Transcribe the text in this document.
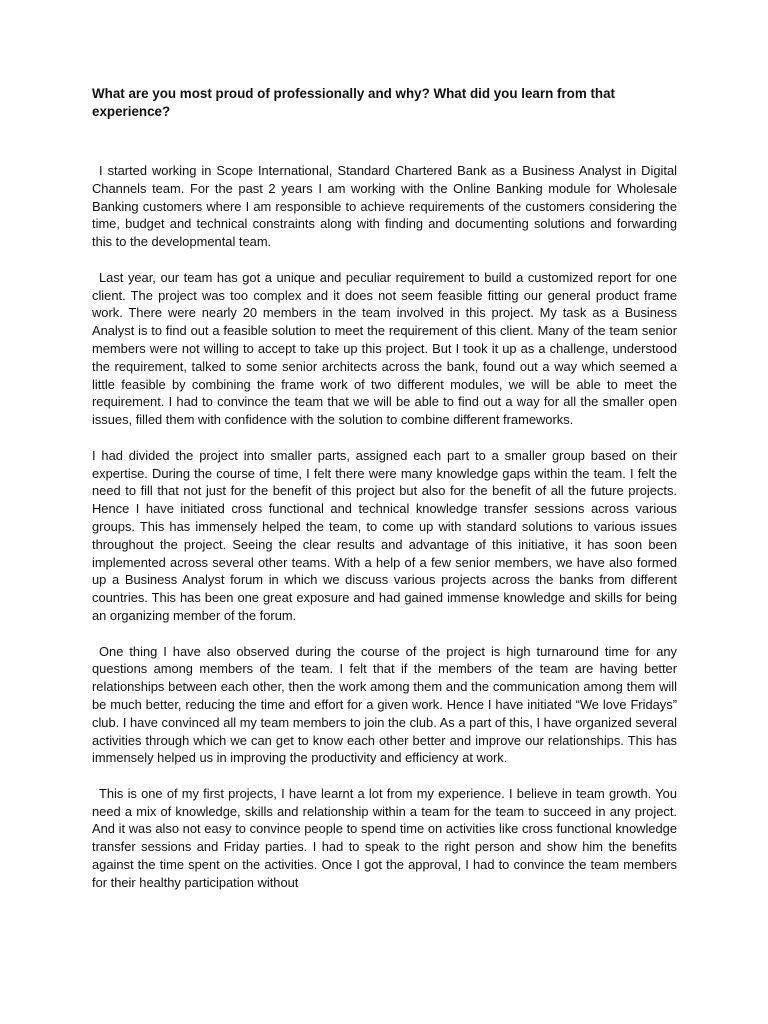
What are you most proud of professionally and why? What did you learn from that experience?

I started working in Scope International, Standard Chartered Bank as a Business Analyst in Digital Channels team. For the past 2 years I am working with the Online Banking module for Wholesale Banking customers where I am responsible to achieve requirements of the customers considering the time, budget and technical constraints along with finding and documenting solutions and forwarding this to the developmental team.

Last year, our team has got a unique and peculiar requirement to build a customized report for one client. The project was too complex and it does not seem feasible fitting our general product frame work. There were nearly 20 members in the team involved in this project. My task as a Business Analyst is to find out a feasible solution to meet the requirement of this client. Many of the team senior members were not willing to accept to take up this project. But I took it up as a challenge, understood the requirement, talked to some senior architects across the bank, found out a way which seemed a little feasible by combining the frame work of two different modules, we will be able to meet the requirement. I had to convince the team that we will be able to find out a way for all the smaller open issues, filled them with confidence with the solution to combine different frameworks.

I had divided the project into smaller parts, assigned each part to a smaller group based on their expertise. During the course of time, I felt there were many knowledge gaps within the team. I felt the need to fill that not just for the benefit of this project but also for the benefit of all the future projects. Hence I have initiated cross functional and technical knowledge transfer sessions across various groups. This has immensely helped the team, to come up with standard solutions to various issues throughout the project. Seeing the clear results and advantage of this initiative, it has soon been implemented across several other teams. With a help of a few senior members, we have also formed up a Business Analyst forum in which we discuss various projects across the banks from different countries. This has been one great exposure and had gained immense knowledge and skills for being an organizing member of the forum.

One thing I have also observed during the course of the project is high turnaround time for any questions among members of the team. I felt that if the members of the team are having better relationships between each other, then the work among them and the communication among them will be much better, reducing the time and effort for a given work. Hence I have initiated “We love Fridays” club. I have convinced all my team members to join the club. As a part of this, I have organized several activities through which we can get to know each other better and improve our relationships. This has immensely helped us in improving the productivity and efficiency at work.

This is one of my first projects, I have learnt a lot from my experience. I believe in team growth. You need a mix of knowledge, skills and relationship within a team for the team to succeed in any project. And it was also not easy to convince people to spend time on activities like cross functional knowledge transfer sessions and Friday parties. I had to speak to the right person and show him the benefits against the time spent on the activities. Once I got the approval, I had to convince the team members for their healthy participation without
